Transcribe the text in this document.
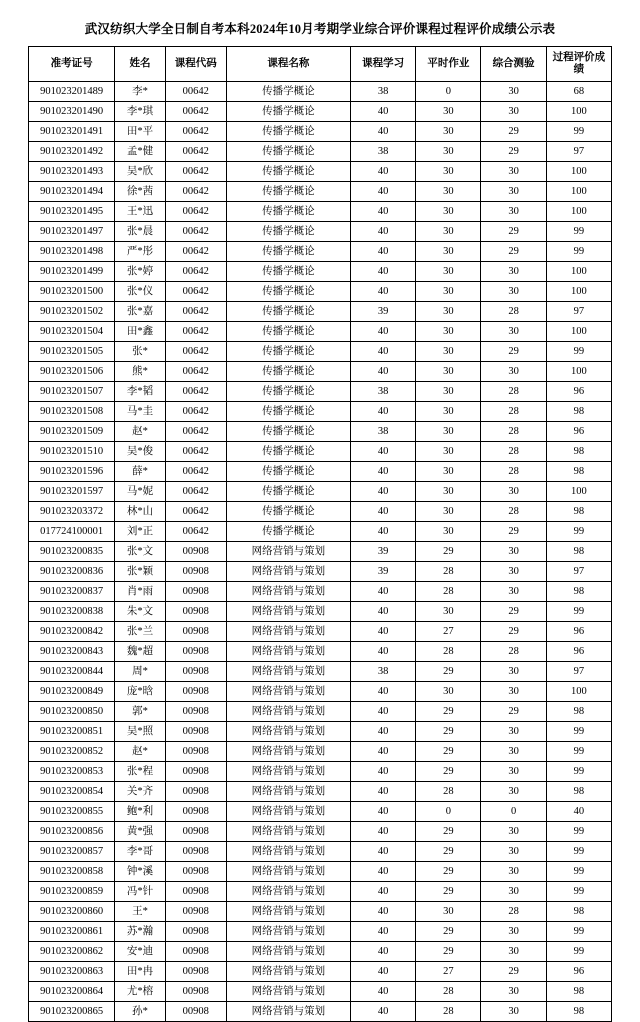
武汉纺织大学全日制自考本科2024年10月考期学业综合评价课程过程评价成绩公示表
准考证号	姓名	课程代码	课程名称	课程学习	平时作业	综合测验	过程评价成绩
901023201489	李*	00642	传播学概论	38	0	30	68
901023201490	李*琪	00642	传播学概论	40	30	30	100
901023201491	田*平	00642	传播学概论	40	30	29	99
901023201492	孟*健	00642	传播学概论	38	30	29	97
901023201493	吴*欣	00642	传播学概论	40	30	30	100
901023201494	徐*茜	00642	传播学概论	40	30	30	100
901023201495	王*迅	00642	传播学概论	40	30	30	100
901023201497	张*晨	00642	传播学概论	40	30	29	99
901023201498	严*彤	00642	传播学概论	40	30	29	99
901023201499	张*婷	00642	传播学概论	40	30	30	100
901023201500	张*仪	00642	传播学概论	40	30	30	100
901023201502	张*嘉	00642	传播学概论	39	30	28	97
901023201504	田*鑫	00642	传播学概论	40	30	30	100
901023201505	张*	00642	传播学概论	40	30	29	99
901023201506	熊*	00642	传播学概论	40	30	30	100
901023201507	李*韬	00642	传播学概论	38	30	28	96
901023201508	马*圭	00642	传播学概论	40	30	28	98
901023201509	赵*	00642	传播学概论	38	30	28	96
901023201510	吴*俊	00642	传播学概论	40	30	28	98
901023201596	薛*	00642	传播学概论	40	30	28	98
901023201597	马*妮	00642	传播学概论	40	30	30	100
901023203372	林*山	00642	传播学概论	40	30	28	98
017724100001	刘*正	00642	传播学概论	40	30	29	99
901023200835	张*文	00908	网络营销与策划	39	29	30	98
901023200836	张*颖	00908	网络营销与策划	39	28	30	97
901023200837	肖*雨	00908	网络营销与策划	40	28	30	98
901023200838	朱*文	00908	网络营销与策划	40	30	29	99
901023200842	张*兰	00908	网络营销与策划	40	27	29	96
901023200843	魏*超	00908	网络营销与策划	40	28	28	96
901023200844	周*	00908	网络营销与策划	38	29	30	97
901023200849	庞*晗	00908	网络营销与策划	40	30	30	100
901023200850	郭*	00908	网络营销与策划	40	29	29	98
901023200851	吴*照	00908	网络营销与策划	40	29	30	99
901023200852	赵*	00908	网络营销与策划	40	29	30	99
901023200853	张*程	00908	网络营销与策划	40	29	30	99
901023200854	关*齐	00908	网络营销与策划	40	28	30	98
901023200855	鲍*利	00908	网络营销与策划	40	0	0	40
901023200856	黄*强	00908	网络营销与策划	40	29	30	99
901023200857	李*哥	00908	网络营销与策划	40	29	30	99
901023200858	钟*溪	00908	网络营销与策划	40	29	30	99
901023200859	冯*针	00908	网络营销与策划	40	29	30	99
901023200860	王*	00908	网络营销与策划	40	30	28	98
901023200861	苏*瀚	00908	网络营销与策划	40	29	30	99
901023200862	安*迪	00908	网络营销与策划	40	29	30	99
901023200863	田*冉	00908	网络营销与策划	40	27	29	96
901023200864	尤*榕	00908	网络营销与策划	40	28	30	98
901023200865	孙*	00908	网络营销与策划	40	28	30	98
